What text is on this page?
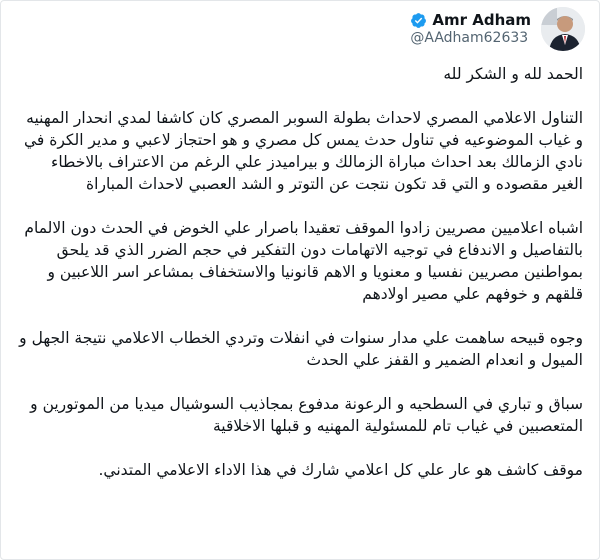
Amr Adham
@AAdham62633

الحمد لله و الشكر لله

التناول الاعلامي المصري لاحداث بطولة السوبر المصري كان كاشفا لمدي انحدار المهنيه و غياب الموضوعيه في تناول حدث يمس كل مصري و هو احتجاز لاعبي و مدير الكرة في نادي الزمالك بعد احداث مباراة الزمالك و بيراميدز علي الرغم من الاعتراف بالاخطاء الغير مقصوده و التي قد تكون نتجت عن التوتر و الشد العصبي لاحداث المباراة

اشباه اعلاميين مصريين زادوا الموقف تعقيدا باصرار علي الخوض في الحدث دون الالمام بالتفاصيل و الاندفاع في توجيه الاتهامات دون التفكير في حجم الضرر الذي قد يلحق بمواطنين مصريين نفسيا و معنويا و الاهم قانونيا والاستخفاف بمشاعر اسر اللاعبين و قلقهم و خوفهم علي مصير اولادهم

وجوه قبيحه ساهمت علي مدار سنوات في انفلات وتردي الخطاب الاعلامي نتيجة الجهل و الميول و انعدام الضمير و القفز علي الحدث

سباق و تباري في السطحيه و الرعونة مدفوع بمجاذيب السوشيال ميديا من الموتورين و المتعصبين في غياب تام للمسئولية المهنيه و قبلها الاخلاقية

موقف كاشف هو عار علي كل اعلامي شارك في هذا الاداء الاعلامي المتدني.
